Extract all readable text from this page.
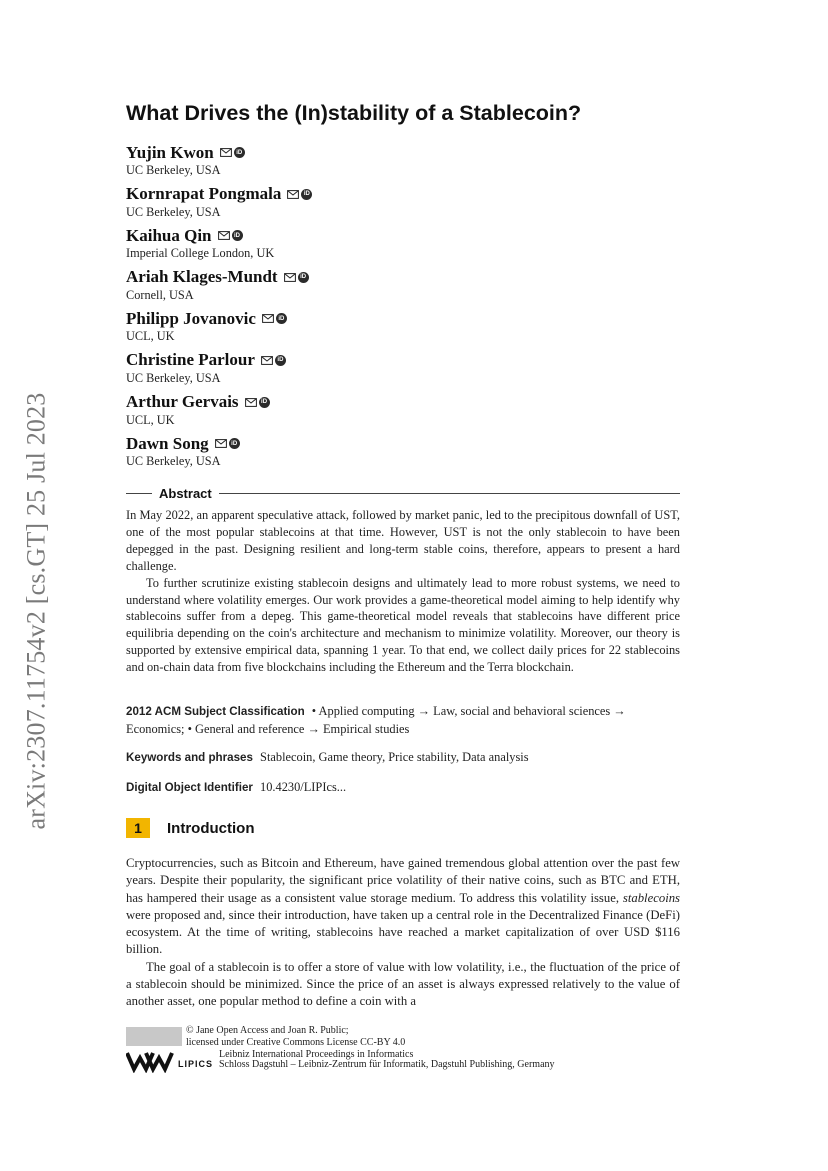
arXiv:2307.11754v2 [cs.GT] 25 Jul 2023
What Drives the (In)stability of a Stablecoin?
Yujin Kwon	iD
UC Berkeley, USA
Kornrapat Pongmala	iD
UC Berkeley, USA
Kaihua Qin	iD
Imperial College London, UK
Ariah Klages-Mundt	iD
Cornell, USA
Philipp Jovanovic	iD
UCL, UK
Christine Parlour	iD
UC Berkeley, USA
Arthur Gervais	iD
UCL, UK
Dawn Song	iD
UC Berkeley, USA
Abstract

In May 2022, an apparent speculative attack, followed by market panic, led to the precipitous downfall of UST, one of the most popular stablecoins at that time. However, UST is not the only stablecoin to have been depegged in the past. Designing resilient and long-term stable coins, therefore, appears to present a hard challenge.

To further scrutinize existing stablecoin designs and ultimately lead to more robust systems, we need to understand where volatility emerges. Our work provides a game-theoretical model aiming to help identify why stablecoins suffer from a depeg. This game-theoretical model reveals that stablecoins have different price equilibria depending on the coin's architecture and mechanism to minimize volatility. Moreover, our theory is supported by extensive empirical data, spanning 1 year. To that end, we collect daily prices for 22 stablecoins and on-chain data from five blockchains including the Ethereum and the Terra blockchain.

2012 ACM Subject Classification • Applied computing → Law, social and behavioral sciences → Economics; • General and reference → Empirical studies
Keywords and phrases Stablecoin, Game theory, Price stability, Data analysis
Digital Object Identifier 10.4230/LIPIcs...
1	Introduction

Cryptocurrencies, such as Bitcoin and Ethereum, have gained tremendous global attention over the past few years. Despite their popularity, the significant price volatility of their native coins, such as BTC and ETH, has hampered their usage as a consistent value storage medium. To address this volatility issue, stablecoins were proposed and, since their introduction, have taken up a central role in the Decentralized Finance (DeFi) ecosystem. At the time of writing, stablecoins have reached a market capitalization of over USD $116 billion.

The goal of a stablecoin is to offer a store of value with low volatility, i.e., the fluctuation of the price of a stablecoin should be minimized. Since the price of an asset is always expressed relatively to the value of another asset, one popular method to define a coin with a

© Jane Open Access and Joan R. Public;
licensed under Creative Commons License CC-BY 4.0
Leibniz International Proceedings in Informatics
LIPICS Schloss Dagstuhl – Leibniz-Zentrum für Informatik, Dagstuhl Publishing, Germany
